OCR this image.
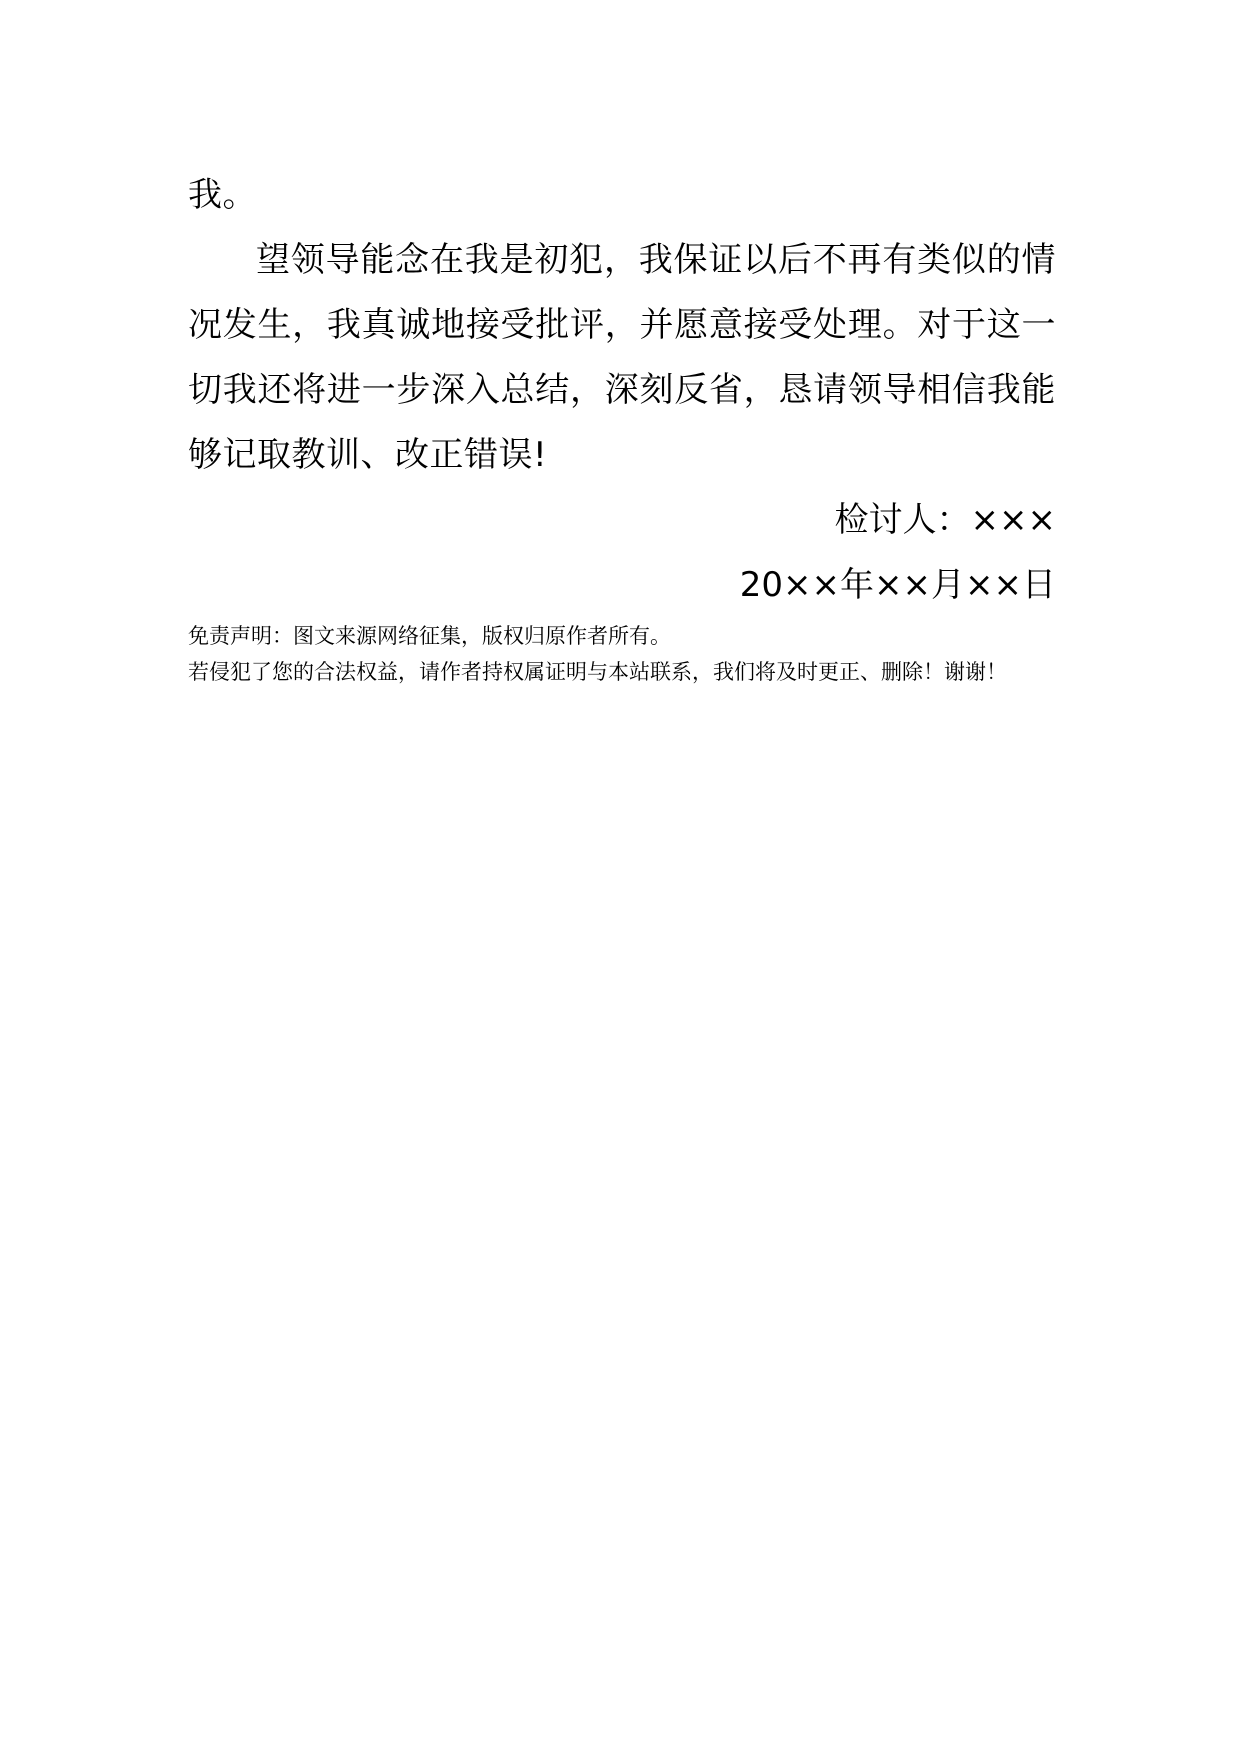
我。
望领导能念在我是初犯，我保证以后不再有类似的情况发生，我真诚地接受批评，并愿意接受处理。对于这一切我还将进一步深入总结，深刻反省，恳请领导相信我能够记取教训、改正错误!
检讨人：×××
20××年××月××日
免责声明：图文来源网络征集，版权归原作者所有。
若侵犯了您的合法权益，请作者持权属证明与本站联系，我们将及时更正、删除！谢谢！
